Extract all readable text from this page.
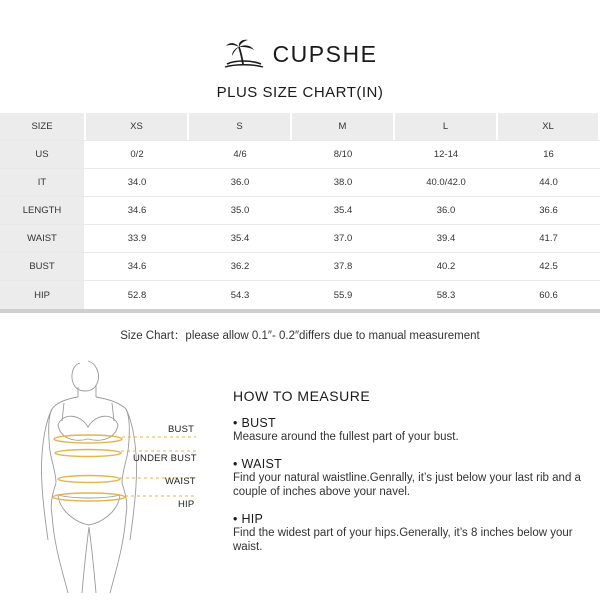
CUPSHE
PLUS SIZE CHART(IN)
SIZE	XS	S	M	L	XL
US	0/2	4/6	8/10	12-14	16
IT	34.0	36.0	38.0	40.0/42.0	44.0
LENGTH	34.6	35.0	35.4	36.0	36.6
WAIST	33.9	35.4	37.0	39.4	41.7
BUST	34.6	36.2	37.8	40.2	42.5
HIP	52.8	54.3	55.9	58.3	60.6
Size Chart：please allow 0.1″- 0.2″differs due to manual measurement
BUST
UNDER BUST
WAIST
HIP
HOW TO MEASURE
• BUST
Measure around the fullest part of your bust.
• WAIST
Find your natural waistline.Genrally, it’s just below your last rib and a couple of inches above your navel.
• HIP
Find the widest part of your hips.Generally, it’s 8 inches below your waist.
